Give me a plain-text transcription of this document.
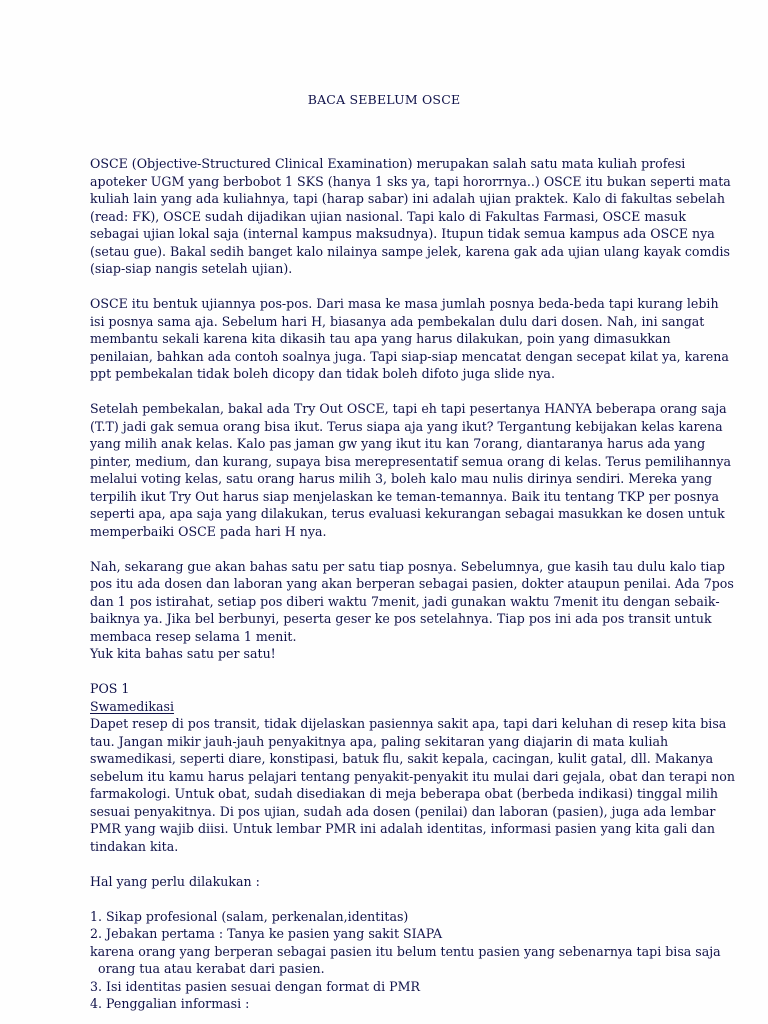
BACA SEBELUM OSCE
OSCE (Objective-Structured Clinical Examination) merupakan salah satu mata kuliah profesi
apoteker UGM yang berbobot 1 SKS (hanya 1 sks ya, tapi hororrnya..) OSCE itu bukan seperti mata
kuliah lain yang ada kuliahnya, tapi (harap sabar) ini adalah ujian praktek. Kalo di fakultas sebelah
(read: FK), OSCE sudah dijadikan ujian nasional. Tapi kalo di Fakultas Farmasi, OSCE masuk
sebagai ujian lokal saja (internal kampus maksudnya). Itupun tidak semua kampus ada OSCE nya
(setau gue). Bakal sedih banget kalo nilainya sampe jelek, karena gak ada ujian ulang kayak comdis
(siap-siap nangis setelah ujian).
OSCE itu bentuk ujiannya pos-pos. Dari masa ke masa jumlah posnya beda-beda tapi kurang lebih
isi posnya sama aja. Sebelum hari H, biasanya ada pembekalan dulu dari dosen. Nah, ini sangat
membantu sekali karena kita dikasih tau apa yang harus dilakukan, poin yang dimasukkan
penilaian, bahkan ada contoh soalnya juga. Tapi siap-siap mencatat dengan secepat kilat ya, karena
ppt pembekalan tidak boleh dicopy dan tidak boleh difoto juga slide nya.
Setelah pembekalan, bakal ada Try Out OSCE, tapi eh tapi pesertanya HANYA beberapa orang saja
(T.T) jadi gak semua orang bisa ikut. Terus siapa aja yang ikut? Tergantung kebijakan kelas karena
yang milih anak kelas. Kalo pas jaman gw yang ikut itu kan 7orang, diantaranya harus ada yang
pinter, medium, dan kurang, supaya bisa merepresentatif semua orang di kelas. Terus pemilihannya
melalui voting kelas, satu orang harus milih 3, boleh kalo mau nulis dirinya sendiri. Mereka yang
terpilih ikut Try Out harus siap menjelaskan ke teman-temannya. Baik itu tentang TKP per posnya
seperti apa, apa saja yang dilakukan, terus evaluasi kekurangan sebagai masukkan ke dosen untuk
memperbaiki OSCE pada hari H nya.
Nah, sekarang gue akan bahas satu per satu tiap posnya. Sebelumnya, gue kasih tau dulu kalo tiap
pos itu ada dosen dan laboran yang akan berperan sebagai pasien, dokter ataupun penilai. Ada 7pos
dan 1 pos istirahat, setiap pos diberi waktu 7menit, jadi gunakan waktu 7menit itu dengan sebaik-
baiknya ya. Jika bel berbunyi, peserta geser ke pos setelahnya. Tiap pos ini ada pos transit untuk
membaca resep selama 1 menit.
Yuk kita bahas satu per satu!
POS 1
Swamedikasi
Dapet resep di pos transit, tidak dijelaskan pasiennya sakit apa, tapi dari keluhan di resep kita bisa
tau. Jangan mikir jauh-jauh penyakitnya apa, paling sekitaran yang diajarin di mata kuliah
swamedikasi, seperti diare, konstipasi, batuk flu, sakit kepala, cacingan, kulit gatal, dll. Makanya
sebelum itu kamu harus pelajari tentang penyakit-penyakit itu mulai dari gejala, obat dan terapi non
farmakologi. Untuk obat, sudah disediakan di meja beberapa obat (berbeda indikasi) tinggal milih
sesuai penyakitnya. Di pos ujian, sudah ada dosen (penilai) dan laboran (pasien), juga ada lembar
PMR yang wajib diisi. Untuk lembar PMR ini adalah identitas, informasi pasien yang kita gali dan
tindakan kita.
Hal yang perlu dilakukan :
1. Sikap profesional (salam, perkenalan,identitas)
2. Jebakan pertama : Tanya ke pasien yang sakit SIAPA
karena orang yang berperan sebagai pasien itu belum tentu pasien yang sebenarnya tapi bisa saja
orang tua atau kerabat dari pasien.
3. Isi identitas pasien sesuai dengan format di PMR
4. Penggalian informasi :
